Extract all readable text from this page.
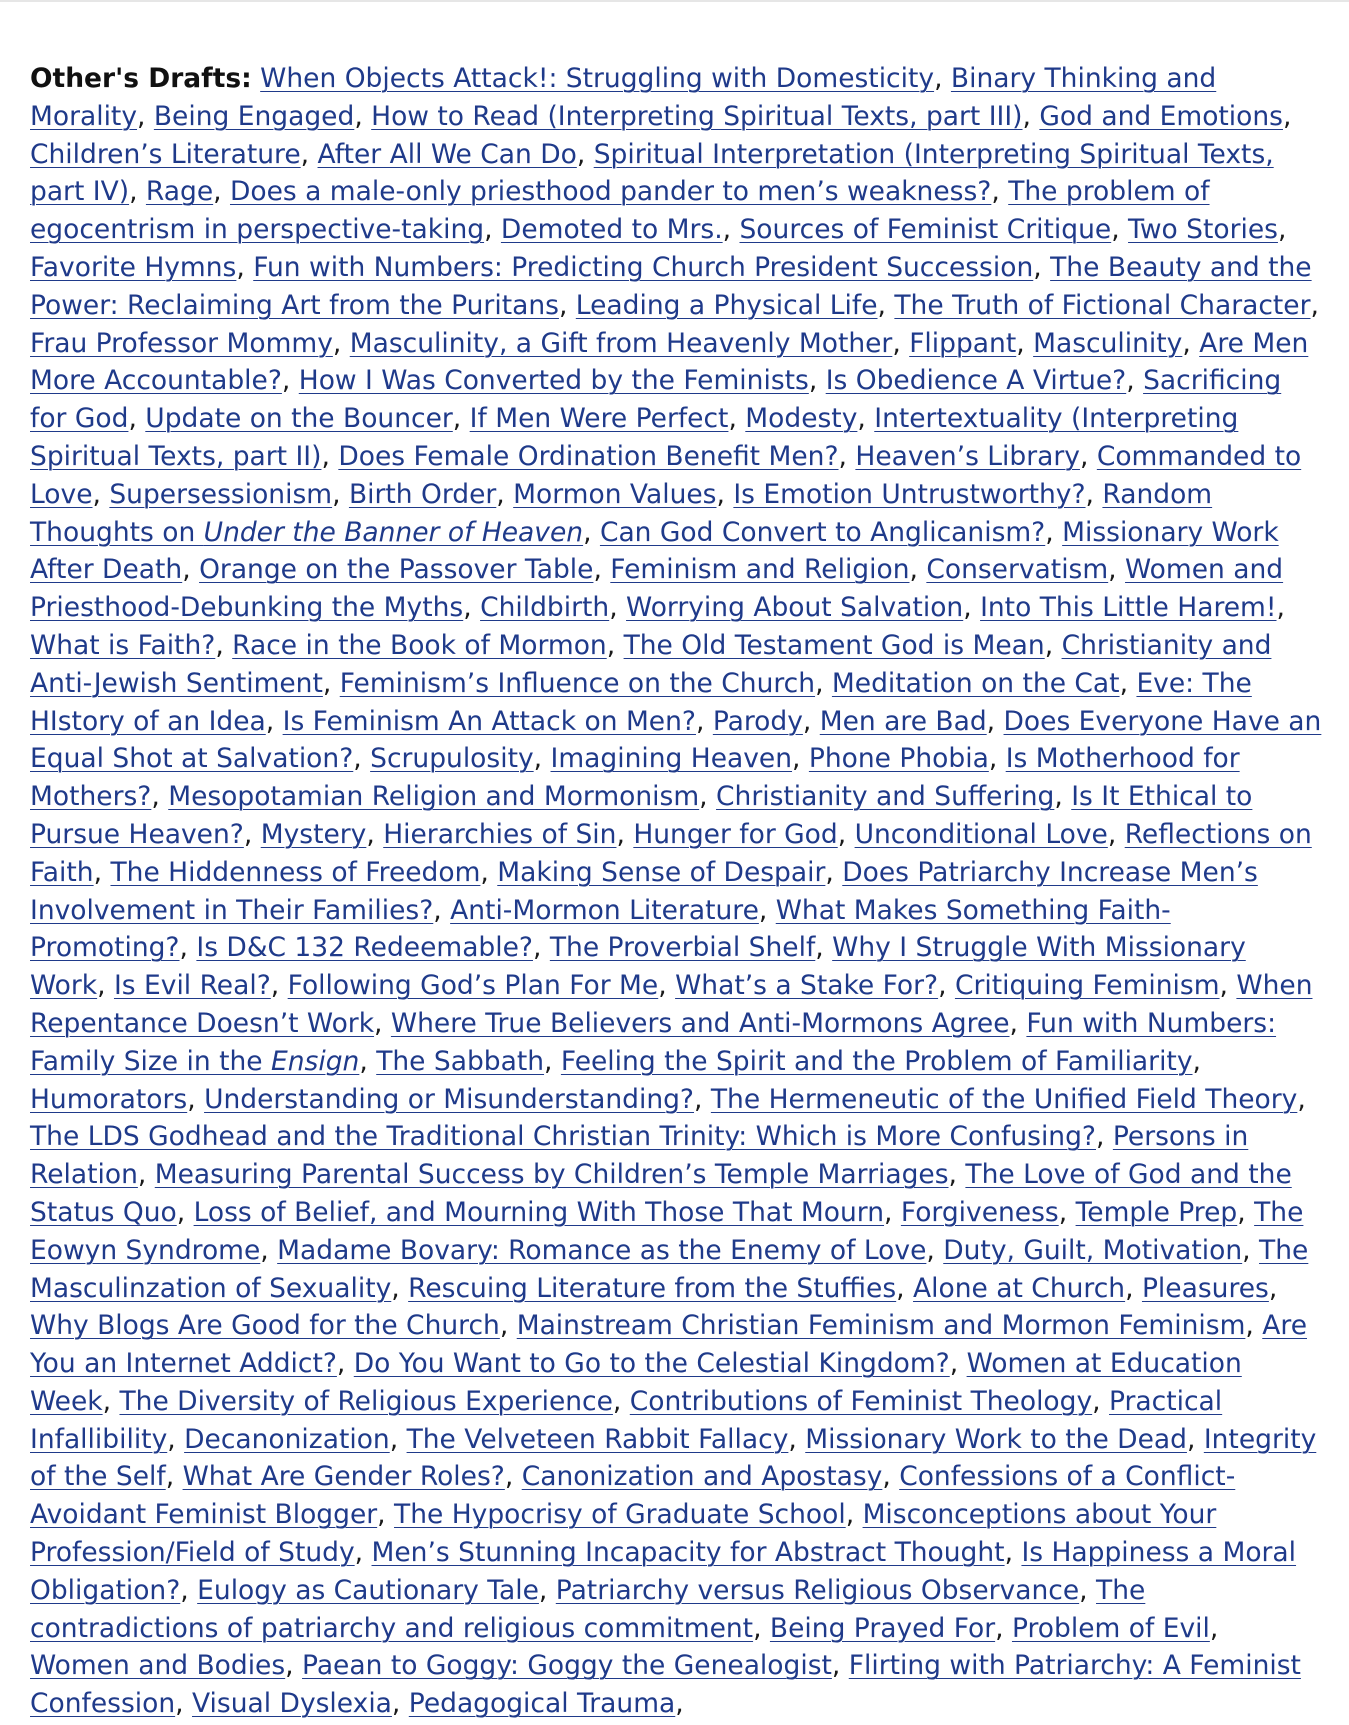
Other's Drafts: When Objects Attack!: Struggling with Domesticity, Binary Thinking and Morality, Being Engaged, How to Read (Interpreting Spiritual Texts, part III), God and Emotions, Children’s Literature, After All We Can Do, Spiritual Interpretation (Interpreting Spiritual Texts, part IV), Rage, Does a male-only priesthood pander to men’s weakness?, The problem of egocentrism in perspective-taking, Demoted to Mrs., Sources of Feminist Critique, Two Stories, Favorite Hymns, Fun with Numbers: Predicting Church President Succession, The Beauty and the Power: Reclaiming Art from the Puritans, Leading a Physical Life, The Truth of Fictional Character, Frau Professor Mommy, Masculinity, a Gift from Heavenly Mother, Flippant, Masculinity, Are Men More Accountable?, How I Was Converted by the Feminists, Is Obedience A Virtue?, Sacrificing for God, Update on the Bouncer, If Men Were Perfect, Modesty, Intertextuality (Interpreting Spiritual Texts, part II), Does Female Ordination Benefit Men?, Heaven’s Library, Commanded to Love, Supersessionism, Birth Order, Mormon Values, Is Emotion Untrustworthy?, Random Thoughts on Under the Banner of Heaven, Can God Convert to Anglicanism?, Missionary Work After Death, Orange on the Passover Table, Feminism and Religion, Conservatism, Women and Priesthood-Debunking the Myths, Childbirth, Worrying About Salvation, Into This Little Harem!, What is Faith?, Race in the Book of Mormon, The Old Testament God is Mean, Christianity and Anti-Jewish Sentiment, Feminism’s Influence on the Church, Meditation on the Cat, Eve: The HIstory of an Idea, Is Feminism An Attack on Men?, Parody, Men are Bad, Does Everyone Have an Equal Shot at Salvation?, Scrupulosity, Imagining Heaven, Phone Phobia, Is Motherhood for Mothers?, Mesopotamian Religion and Mormonism, Christianity and Suffering, Is It Ethical to Pursue Heaven?, Mystery, Hierarchies of Sin, Hunger for God, Unconditional Love, Reflections on Faith, The Hiddenness of Freedom, Making Sense of Despair, Does Patriarchy Increase Men’s Involvement in Their Families?, Anti-Mormon Literature, What Makes Something Faith-Promoting?, Is D&C 132 Redeemable?, The Proverbial Shelf, Why I Struggle With Missionary Work, Is Evil Real?, Following God’s Plan For Me, What’s a Stake For?, Critiquing Feminism, When Repentance Doesn’t Work, Where True Believers and Anti-Mormons Agree, Fun with Numbers: Family Size in the Ensign, The Sabbath, Feeling the Spirit and the Problem of Familiarity, Humorators, Understanding or Misunderstanding?, The Hermeneutic of the Unified Field Theory, The LDS Godhead and the Traditional Christian Trinity: Which is More Confusing?, Persons in Relation, Measuring Parental Success by Children’s Temple Marriages, The Love of God and the Status Quo, Loss of Belief, and Mourning With Those That Mourn, Forgiveness, Temple Prep, The Eowyn Syndrome, Madame Bovary: Romance as the Enemy of Love, Duty, Guilt, Motivation, The Masculinzation of Sexuality, Rescuing Literature from the Stuffies, Alone at Church, Pleasures, Why Blogs Are Good for the Church, Mainstream Christian Feminism and Mormon Feminism, Are You an Internet Addict?, Do You Want to Go to the Celestial Kingdom?, Women at Education Week, The Diversity of Religious Experience, Contributions of Feminist Theology, Practical Infallibility, Decanonization, The Velveteen Rabbit Fallacy, Missionary Work to the Dead, Integrity of the Self, What Are Gender Roles?, Canonization and Apostasy, Confessions of a Conflict-Avoidant Feminist Blogger, The Hypocrisy of Graduate School, Misconceptions about Your Profession/Field of Study, Men’s Stunning Incapacity for Abstract Thought, Is Happiness a Moral Obligation?, Eulogy as Cautionary Tale, Patriarchy versus Religious Observance, The contradictions of patriarchy and religious commitment, Being Prayed For, Problem of Evil, Women and Bodies, Paean to Goggy: Goggy the Genealogist, Flirting with Patriarchy: A Feminist Confession, Visual Dyslexia, Pedagogical Trauma,
